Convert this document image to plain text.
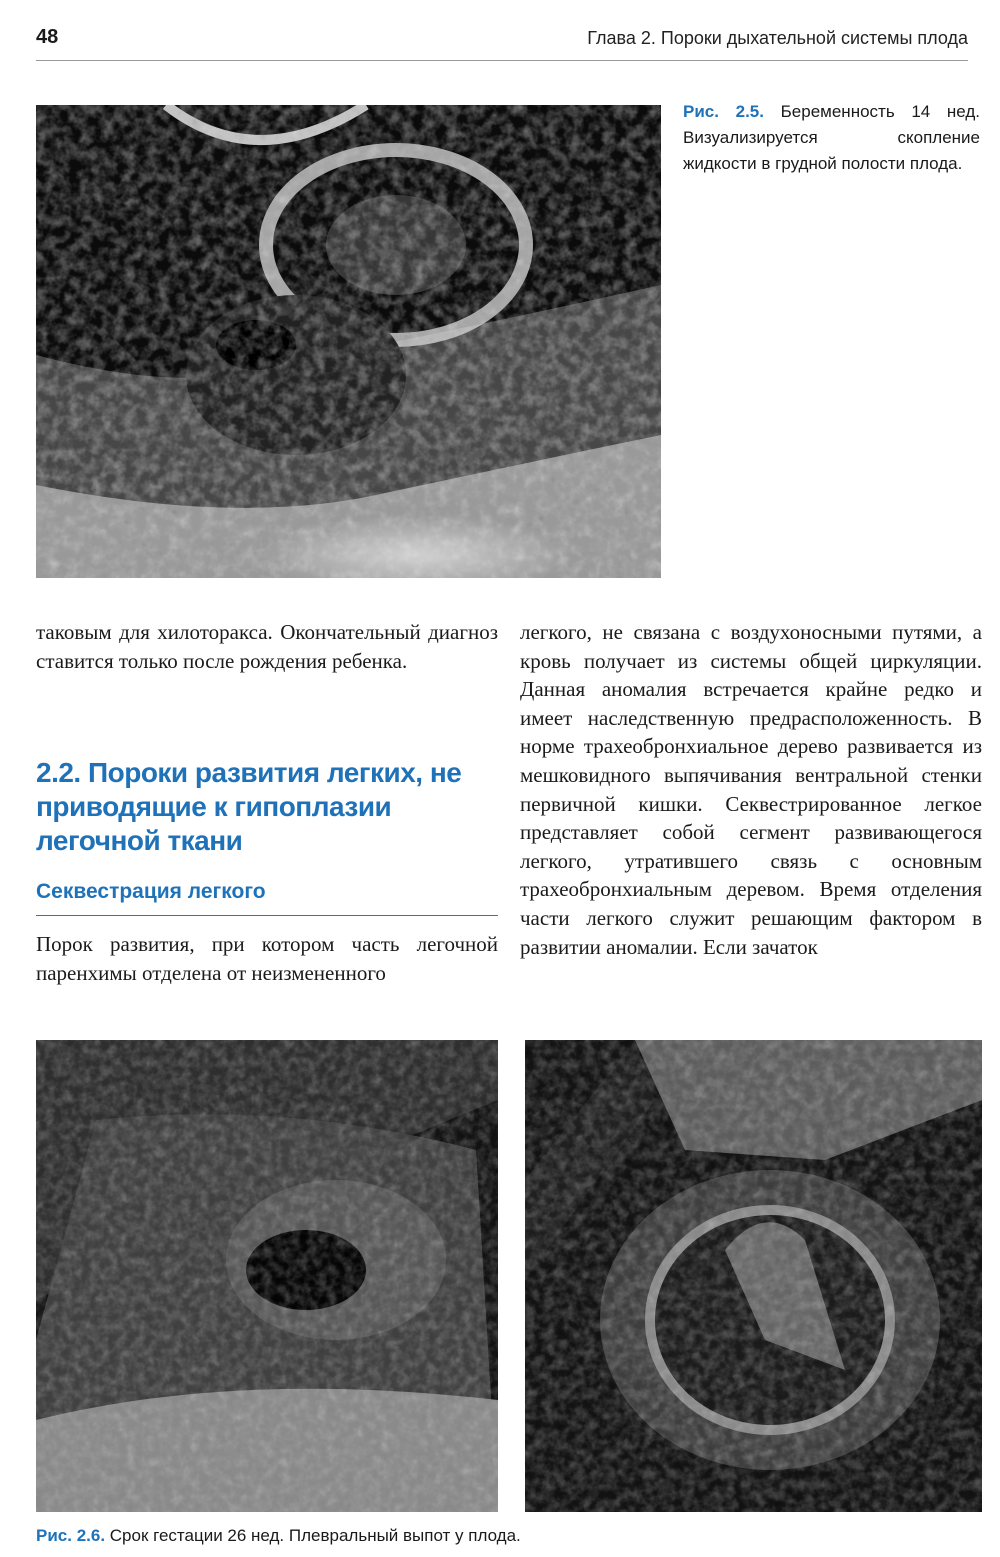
48	Глава 2. Пороки дыхательной системы плода
Рис. 2.5. Беременность 14 нед. Визуализируется скопление жидкости в грудной полости плода.
таковым для хилоторакса. Окончательный диагноз ставится только после рождения ребенка.
2.2. Пороки развития легких, не приводящие к гипоплазии легочной ткани
Секвестрация легкого
Порок развития, при котором часть легочной паренхимы отделена от неизмененного
легкого, не связана с воздухоносными путями, а кровь получает из системы общей циркуляции. Данная аномалия встречается крайне редко и имеет наследственную предрасположенность. В норме трахеобронхиальное дерево развивается из мешковидного выпячивания вентральной стенки первичной кишки. Секвестрированное легкое представляет собой сегмент развивающегося легкого, утратившего связь с основным трахеобронхиальным деревом. Время отделения части легкого служит решающим фактором в развитии аномалии. Если зачаток
Рис. 2.6. Срок гестации 26 нед. Плевральный выпот у плода.
